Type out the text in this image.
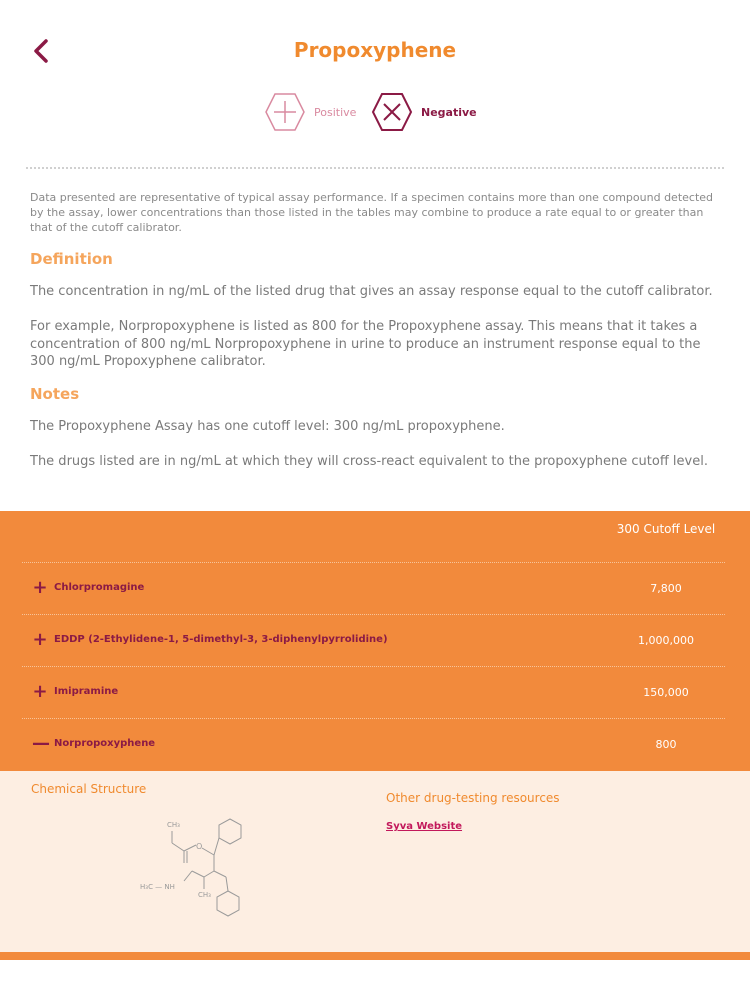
Propoxyphene
Positive	Negative
Data presented are representative of typical assay performance. If a specimen contains more than one compound detected by the assay, lower concentrations than those listed in the tables may combine to produce a rate equal to or greater than that of the cutoff calibrator.
Definition
The concentration in ng/mL of the listed drug that gives an assay response equal to the cutoff calibrator.
For example, Norpropoxyphene is listed as 800 for the Propoxyphene assay. This means that it takes a concentration of 800 ng/mL Norpropoxyphene in urine to produce an instrument response equal to the 300 ng/mL Propoxyphene calibrator.
Notes
The Propoxyphene Assay has one cutoff level: 300 ng/mL propoxyphene.
The drugs listed are in ng/mL at which they will cross-react equivalent to the propoxyphene cutoff level.
300 Cutoff Level
+ Chlorpromagine	7,800
+ EDDP (2-Ethylidene-1, 5-dimethyl-3, 3-diphenylpyrrolidine)	1,000,000
+ Imipramine	150,000
— Norpropoxyphene	800
Chemical Structure
CH₃
O
H₃C — NH
CH₃
Other drug-testing resources
Syva Website
